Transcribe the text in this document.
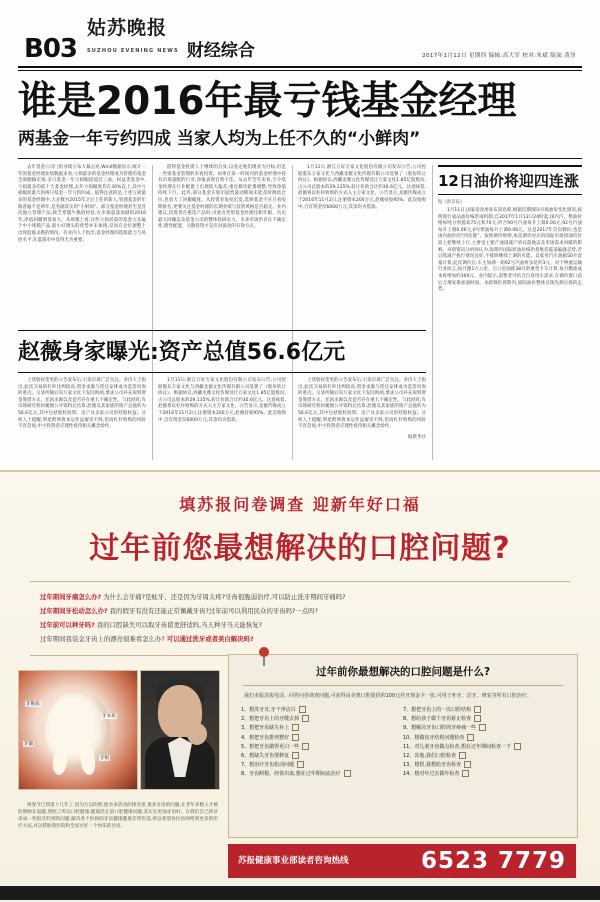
B03
姑苏晚报
SUZHOU EVENING NEWS 财经综合	2017年1月12日 星期四 编辑:高大军 校对:朱斌 版面:黄泽
谁是2016年最亏钱基金经理
两基金一年亏约四成 当家人均为上任不久的“小鲜肉”

去年基金公司门的业绩公布大幕点亮,Wind数据显示,统计一年的基金经理业绩数据来看,亏损最多的基金经理成为管理的基金全部跑输市场,多只基金一年亏损幅度超过三成。权益类基金中,亏损最多的前十大基金经理,去年亏损幅度均在30%以上,其中亏损幅度最大的两只基金一年亏约四成。值得注意的是,上述亏损最多的基金经理中,大多数为2015年之后上任的新人,管理基金的年限普遍不足两年,是名副其实的“小鲜肉”。部分基金经理甚至是首次独立管理产品,缺乏穿越牛熊的经验,在市场震荡加剧的2016年,净值回撤明显加大。从规模上看,这些亏损居前的基金大多属于中小规模产品,船小好调头的优势并未体现,反而在仓位调整上出现追涨杀跌的情况。有业内人士指出,基金经理的选股能力与风控水平,在震荡市中显得尤为重要。

值得基金投资人士继续的自身,以查定他们现业为目标,但是一些资基金管理的来看投资。如果在某一时间内的基金经理中持有市场超配的行业,净值表现自然不佳。从去年全年来看,不少基金经理在行业配置上出现较大偏差,重仓板块轮番调整,导致净值持续下行。此外,部分基金在股市剧烈波动期间未能及时降低仓位,也放大了回撤幅度。从投资者角度出发,选择基金不应只看短期排名,更要关注基金经理的长期业绩与投资风格是否稳定。业内建议,投资者在挑选产品时,可重点考察基金经理任职年限、历史最大回撤以及基金公司的整体投研实力。未来市场仍存在不确定性,理性配置、分散投资才是应对波动的有效方式。

1月11日,浙江万好万家文化股份有限公司发布公告,公司控股股东万家文化与西藏龙薇文化传媒有限公司签署了《股份转让协议》。根据协议,西藏龙薇文化传媒受让万家文化1.85亿股股份,占公司总股本的29.135%,转让价款合计约30.6亿元。这意味着,赵薇将以杠杆收购的方式入主万家文化。公告显示,龙薇传媒成立于2016年11月2日,注册资本200万元,赵薇持股95%。此次收购中,自有资金仅6000万元,其余均为借款。

12日油价将迎四连涨
据《新京报》

1月11日,国家发改委发布消息称,根据近期国际市场油价变化情况,按照现行成品油价格形成机制,自2017年1月12日24时起,国内汽、柴油价格每吨分别提高75元和70元,折合90号汽油每升上调0.06元,92号汽油每升上调0.06元,0号柴油每升上调0.06元。这是2017年首次调价,也是国内油价的“四连涨”。按照调价规则,本次调价对应的国际市场原油均价较上轮继续上行,主要受主要产油国减产协议落地以及市场需求回暖的影响。卓创资讯分析师认为,短期内国际原油价格仍将维持震荡偏强走势,若后续减产执行情况良好,不排除继续上调的可能。以家用汽车油箱50升容量计算,此次调价后,车主加满一箱92号汽油将多花约3元。对于物流运输行业而言,按月跑1万公里、百公里油耗38升的重型卡车计算,每月燃油成本将增加约300元。业内提示,消费者可结合自身用车需求,在调价窗口前后合理安排加油时间。本轮调价周期内,国际油价整体呈现先抑后扬的走势。

赵薇身家曝光:资产总值56.6亿元

上述股权变更的公告发布后,引发市场广泛关注。业内人士指出,此次交易的杠杆比例较高,资金来源与偿还安排成为监管问询的重点。交易所随后向万家文化下发问询函,要求公司补充说明资金筹措方式、还款来源以及是否存在重大不确定性。与此同时,有市场研究机构梳理公开资料后估算,赵薇及其家族的资产总值约为56.6亿元,其中包括股权投资、房产及多家公司的持股权益。分析人士提醒,明星跨界资本运作虽屡见不鲜,但高杠杆收购的风险不容忽视,中小投资者应理性看待相关概念炒作。

1月11日,浙江万好万家文化股份有限公司发布公告,公司控股股东万家文化与西藏龙薇文化传媒有限公司签署了《股份转让协议》。根据协议,西藏龙薇文化传媒受让万家文化1.85亿股股份,占公司总股本的29.135%,转让价款合计约30.6亿元。这意味着,赵薇将以杠杆收购的方式入主万家文化。公告显示,龙薇传媒成立于2016年11月2日,注册资本200万元,赵薇持股95%。此次收购中,自有资金仅6000万元,其余均为借款。

上述股权变更的公告发布后,引发市场广泛关注。业内人士指出,此次交易的杠杆比例较高,资金来源与偿还安排成为监管问询的重点。交易所随后向万家文化下发问询函,要求公司补充说明资金筹措方式、还款来源以及是否存在重大不确定性。与此同时,有市场研究机构梳理公开资料后估算,赵薇及其家族的资产总值约为56.6亿元,其中包括股权投资、房产及多家公司的持股权益。分析人士提醒,明星跨界资本运作虽屡见不鲜,但高杠杆收购的风险不容忽视,中小投资者应理性看待相关概念炒作。

据新华社

填苏报问卷调查 迎新年好口福
过年前您最想解决的口腔问题?
过年期间牙痛怎么办? 为什么会牙痛?是蛀牙、还是因为牙周太疼?牙齿很脆弱治疗,可以防止洗牙期间牙痛吗?
过年期间牙松动怎么办? 我的假牙有没有还能正常佩戴牙齿?过年前可以利用民众的牙齿吗?一点吗?
过年前可以种牙吗? 我的口腔缺失可以取牙齿留更舒适吗,当天种牙当天能恢复?
过年期间我装金牙齿上的漂亮很难看怎么办? 可以通过洗牙或者美白解决吗?
牙釉质
牙本质
牙髓
牙根
过年前你最想解决的口腔问题是什么?
我们本版苏报电话、回答问卷调查问题,可获得由美奥口腔提供的100元挂牙现金卡一张,可用于补牙、洁牙、修复等所有口腔治疗。
1、想洗牙牙,牙干净洁白
2、想把牙齿上的牙缝去掉
3、想把牙齿缺失补上
4、想把牙齿排列整好
5、想把牙齿做得更白一些
6、想缺失牙齿要修复
7、想治疗牙齿松动问题
8、牙齿断根、经常出血,想在过年期间流治疗
7、想把牙齿上的一次口腔结构
8、想给孩子做个牙齿矫正检查
9、想解决牙齿口腔的牙疼痛一些
10、想做齿牙结构问题检查
11、对儿童牙齿做点检查,想在过年期间检查一下
12、其他,我们口腔检查
13、想帮,我想给牙齿检查
14、想对年过去做年检查

两春节已到第十几年了,因为万以的照,脸亲多活动的排名里,很多牙齿的问题,在老年多数人才被的照顾在超越,我照了所以口腔健康,健康活在前口腔健康问题,其实在更加牙齿好。在我们自己的牙齿成一些很牙的到的问题,解决各个医师的牙齿健康健康非常医适,所以希望各位医师给到更多的医疗方法,可以帮助我医院和全家过好一个快乐的牙齿。

苏报健康事业部读者咨询热线	6523 7779
